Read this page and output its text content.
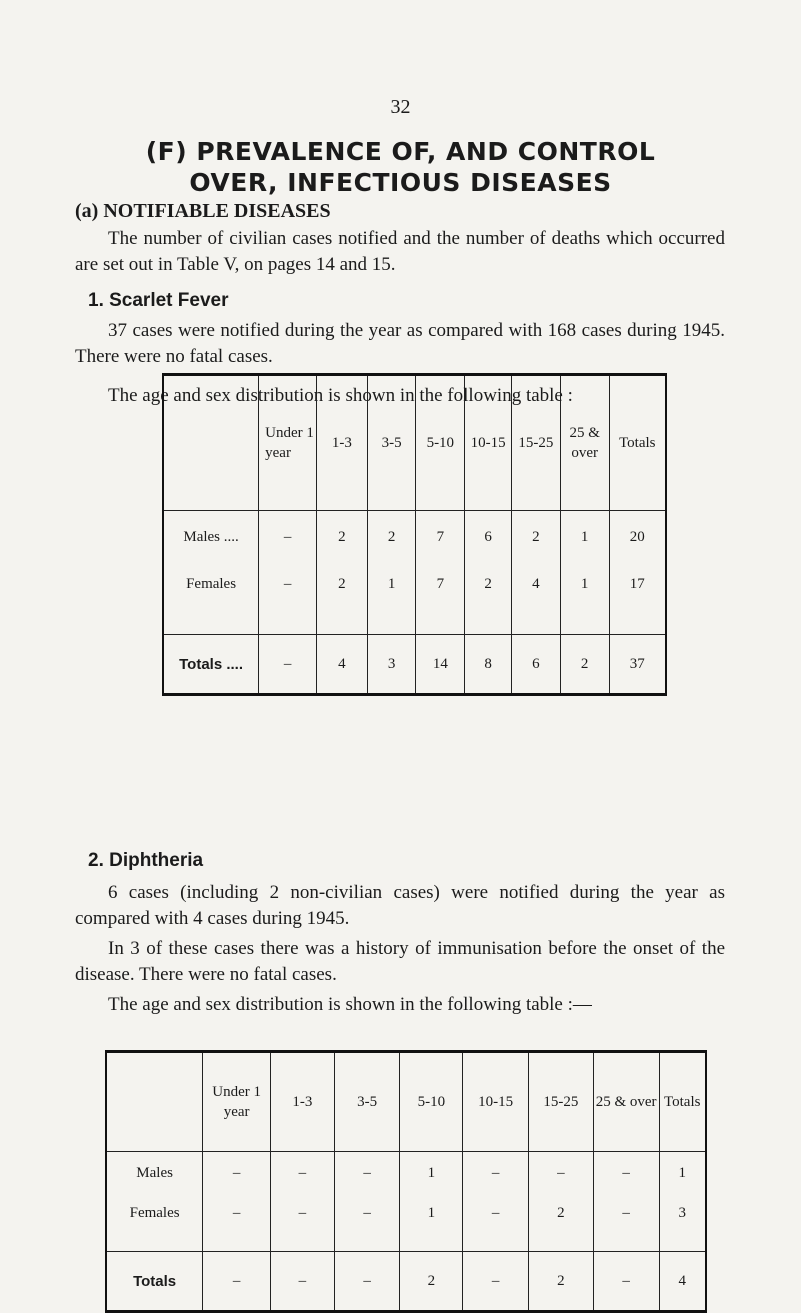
32
(F) PREVALENCE OF, AND CONTROL
OVER, INFECTIOUS DISEASES
(a) NOTIFIABLE DISEASES
The number of civilian cases notified and the number of deaths which occurred are set out in Table V, on pages 14 and 15.
1. Scarlet Fever
37 cases were notified during the year as compared with 168 cases during 1945. There were no fatal cases.
The age and sex distribution is shown in the following table :
	Under 1 year	1-3	3-5	5-10	10-15	15-25	25 & over	Totals
Males ....	–	2	2	7	6	2	1	20
Females	–	2	1	7	2	4	1	17

Totals ....	–	4	3	14	8	6	2	37
2. Diphtheria
6 cases (including 2 non-civilian cases) were notified during the year as compared with 4 cases during 1945.
In 3 of these cases there was a history of immunisation before the onset of the disease. There were no fatal cases.
The age and sex distribution is shown in the following table :—
	Under 1 year	1-3	3-5	5-10	10-15	15-25	25 & over	Totals
Males	–	–	–	1	–	–	–	1
Females	–	–	–	1	–	2	–	3

Totals	–	–	–	2	–	2	–	4
